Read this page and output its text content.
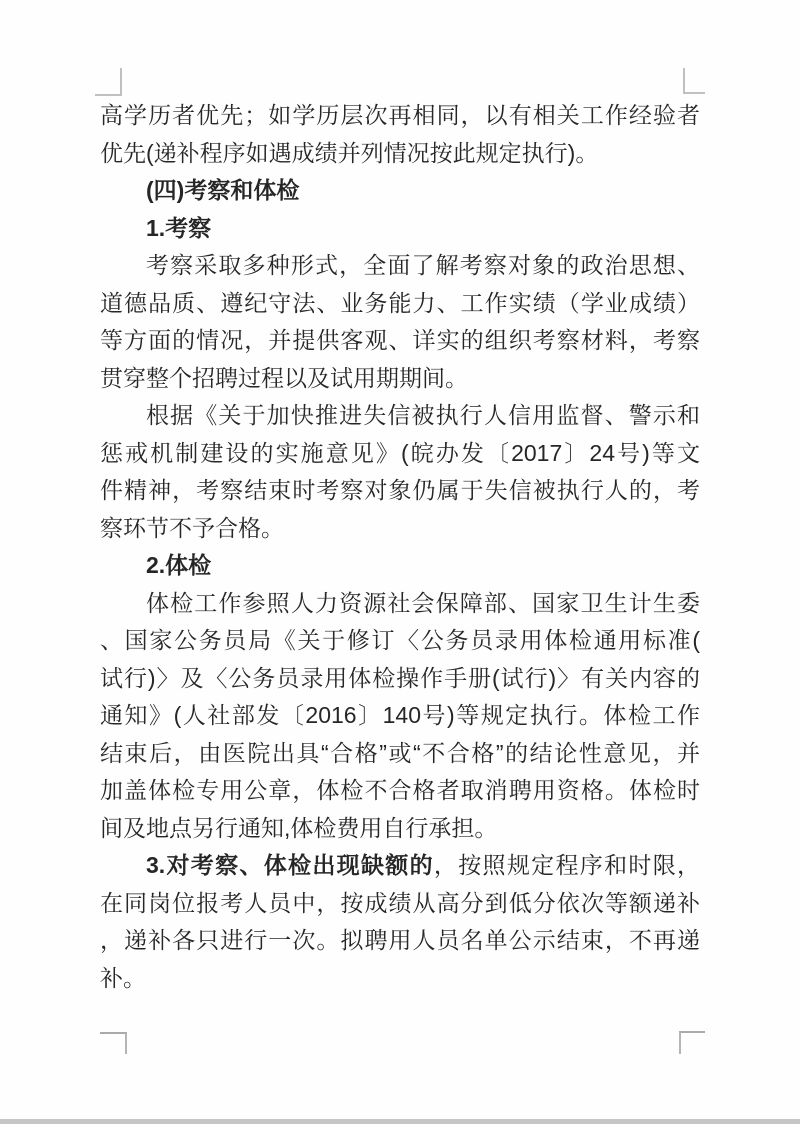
高学历者优先；如学历层次再相同，以有相关工作经验者
优先(递补程序如遇成绩并列情况按此规定执行)。
(四)考察和体检
1.考察
考察采取多种形式，全面了解考察对象的政治思想、
道德品质、遵纪守法、业务能力、工作实绩（学业成绩）
等方面的情况，并提供客观、详实的组织考察材料，考察
贯穿整个招聘过程以及试用期期间。
根据《关于加快推进失信被执行人信用监督、警示和
惩戒机制建设的实施意见》(皖办发〔2017〕24号)等文
件精神，考察结束时考察对象仍属于失信被执行人的，考
察环节不予合格。
2.体检
体检工作参照人力资源社会保障部、国家卫生计生委
、国家公务员局《关于修订〈公务员录用体检通用标准(
试行)〉及〈公务员录用体检操作手册(试行)〉有关内容的
通知》(人社部发〔2016〕140号)等规定执行。体检工作
结束后，由医院出具“合格”或“不合格”的结论性意见，并
加盖体检专用公章，体检不合格者取消聘用资格。体检时
间及地点另行通知,体检费用自行承担。
3.对考察、体检出现缺额的，按照规定程序和时限，
在同岗位报考人员中，按成绩从高分到低分依次等额递补
，递补各只进行一次。拟聘用人员名单公示结束，不再递
补。
